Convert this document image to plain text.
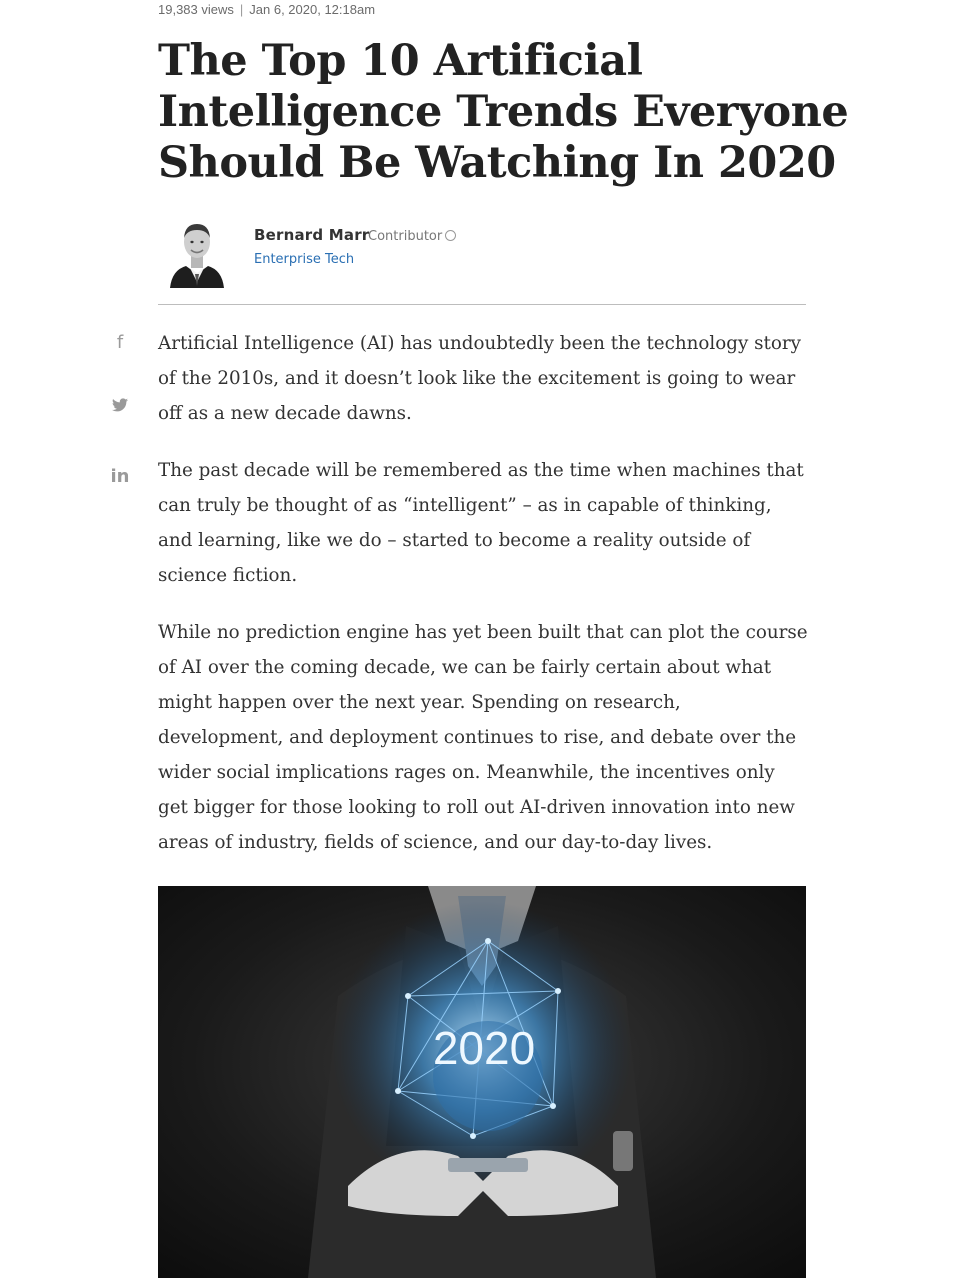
19,383 views | Jan 6, 2020, 12:18am
The Top 10 Artificial
Intelligence Trends Everyone
Should Be Watching In 2020
Bernard Marr
Contributor
Enterprise Tech
f
in

Artificial Intelligence (AI) has undoubtedly been the technology story
of the 2010s, and it doesn’t look like the excitement is going to wear
off as a new decade dawns.

The past decade will be remembered as the time when machines that
can truly be thought of as “intelligent” – as in capable of thinking,
and learning, like we do – started to become a reality outside of
science fiction.

While no prediction engine has yet been built that can plot the course
of AI over the coming decade, we can be fairly certain about what
might happen over the next year. Spending on research,
development, and deployment continues to rise, and debate over the
wider social implications rages on. Meanwhile, the incentives only
get bigger for those looking to roll out AI-driven innovation into new
areas of industry, fields of science, and our day-to-day lives.

2020
